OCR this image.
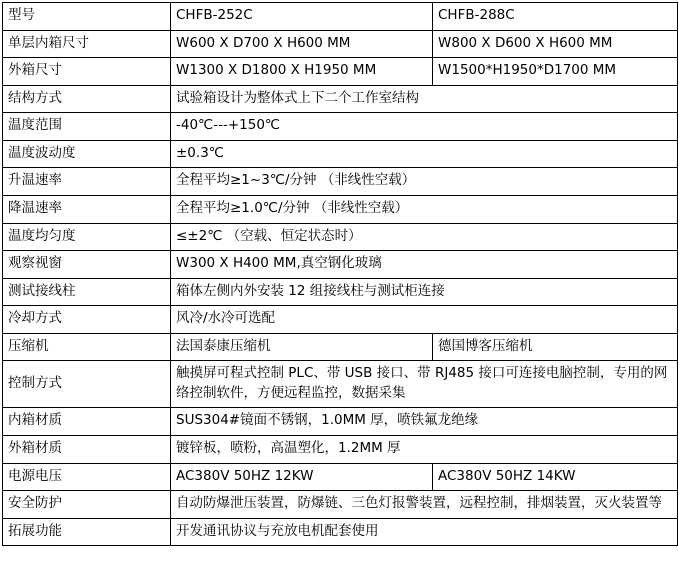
型号	CHFB-252C	CHFB-288C
单层内箱尺寸	W600 X D700 X H600 MM	W800 X D600 X H600 MM
外箱尺寸	W1300 X D1800 X H1950 MM	W1500*H1950*D1700 MM
结构方式	试验箱设计为整体式上下二个工作室结构	
温度范围	-40℃---+150℃	
温度波动度	±0.3℃	
升温速率	全程平均≥1~3℃/分钟 （非线性空载）	
降温速率	全程平均≥1.0℃/分钟 （非线性空载）	
温度均匀度	≤±2℃ （空载、恒定状态时）	
观察视窗	W300 X H400 MM,真空钢化玻璃	
测试接线柱	箱体左侧内外安装 12 组接线柱与测试柜连接	
冷却方式	风冷/水冷可选配	
压缩机	法国泰康压缩机	德国博客压缩机
控制方式	触摸屏可程式控制 PLC、带 USB 接口、带 RJ485 接口可连接电脑控制，专用的网络控制软件，方便远程监控，数据采集	
内箱材质	SUS304#镜面不锈钢，1.0MM 厚，喷铁氟龙绝缘	
外箱材质	镀锌板，喷粉，高温塑化，1.2MM 厚	
电源电压	AC380V 50HZ 12KW	AC380V 50HZ 14KW
安全防护	自动防爆泄压装置，防爆链、三色灯报警装置，远程控制，排烟装置，灭火装置等	
拓展功能	开发通讯协议与充放电机配套使用	
